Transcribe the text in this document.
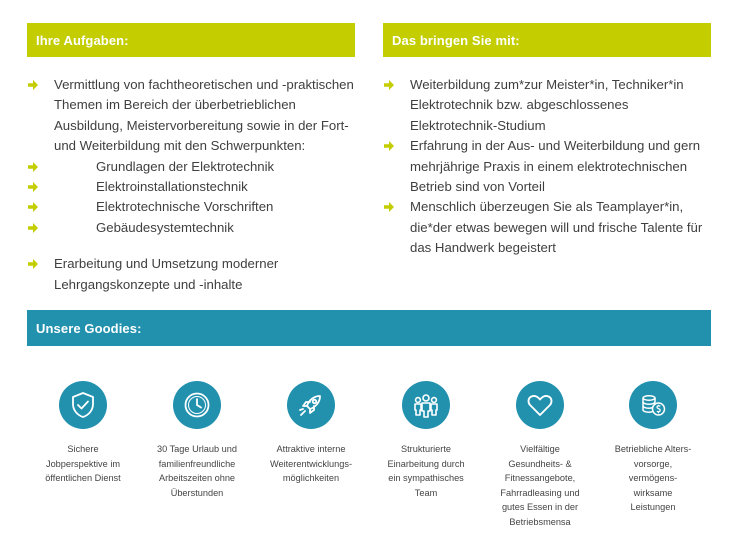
Ihre Aufgaben:	Das bringen Sie mit:
Vermittlung von fachtheoretischen und -praktischen Themen im Bereich der überbetrieblichen Ausbildung, Meistervorbereitung sowie in der Fort- und Weiterbildung mit den Schwerpunkten:
Grundlagen der Elektrotechnik
Elektroinstallationstechnik
Elektrotechnische Vorschriften
Gebäudesystemtechnik
Erarbeitung und Umsetzung moderner Lehrgangskonzepte und -inhalte
Weiterbildung zum*zur Meister*in, Techniker*in Elektrotechnik bzw. abgeschlossenes Elektrotechnik-Studium
Erfahrung in der Aus- und Weiterbildung und gern mehrjährige Praxis in einem elektrotechnischen Betrieb sind von Vorteil
Menschlich überzeugen Sie als Teamplayer*in, die*der etwas bewegen will und frische Talente für das Handwerk begeistert
Unsere Goodies:
Sichere
Jobperspektive im
öffentlichen Dienst
30 Tage Urlaub und
familienfreundliche
Arbeitszeiten ohne
Überstunden
Attraktive interne
Weiterentwicklungs-
möglichkeiten
Strukturierte
Einarbeitung durch
ein sympathisches
Team
Vielfältige
Gesundheits- &
Fitnessangebote,
Fahrradleasing und
gutes Essen in der
Betriebsmensa
Betriebliche Alters-
vorsorge,
vermögens-
wirksame
Leistungen
